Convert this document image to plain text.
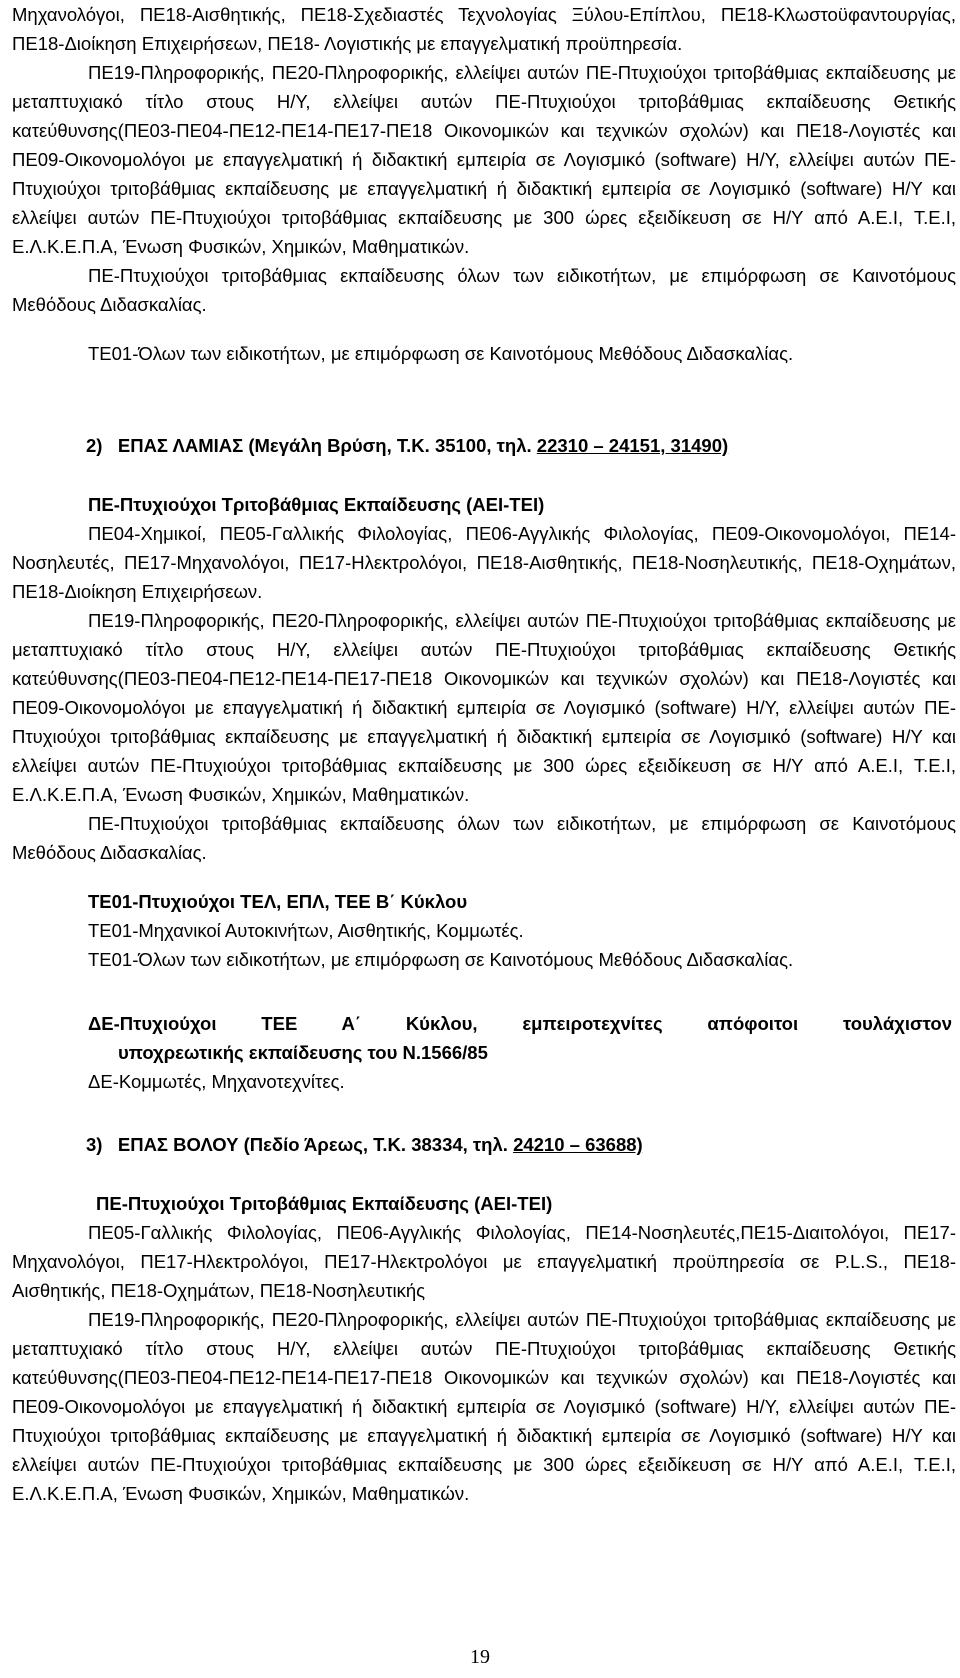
Μηχανολόγοι, ΠΕ18-Αισθητικής, ΠΕ18-Σχεδιαστές Τεχνολογίας Ξύλου-Επίπλου, ΠΕ18-Κλωστοϋφαντουργίας, ΠΕ18-Διοίκηση Επιχειρήσεων, ΠΕ18- Λογιστικής με επαγγελματική προϋπηρεσία.

ΠΕ19-Πληροφορικής, ΠΕ20-Πληροφορικής, ελλείψει αυτών ΠΕ-Πτυχιούχοι τριτοβάθμιας εκπαίδευσης με μεταπτυχιακό τίτλο στους Η/Υ, ελλείψει αυτών ΠΕ-Πτυχιούχοι τριτοβάθμιας εκπαίδευσης Θετικής κατεύθυνσης(ΠΕ03-ΠΕ04-ΠΕ12-ΠΕ14-ΠΕ17-ΠΕ18 Οικονομικών και τεχνικών σχολών) και ΠΕ18-Λογιστές και ΠΕ09-Οικονομολόγοι με επαγγελματική ή διδακτική εμπειρία σε Λογισμικό (software) Η/Υ, ελλείψει αυτών ΠΕ-Πτυχιούχοι τριτοβάθμιας εκπαίδευσης με επαγγελματική ή διδακτική εμπειρία σε Λογισμικό (software) Η/Υ και ελλείψει αυτών ΠΕ-Πτυχιούχοι τριτοβάθμιας εκπαίδευσης με 300 ώρες εξειδίκευση σε Η/Υ από Α.Ε.Ι, Τ.Ε.Ι, Ε.Λ.Κ.Ε.Π.Α, Ένωση Φυσικών, Χημικών, Μαθηματικών.

ΠΕ-Πτυχιούχοι τριτοβάθμιας εκπαίδευσης όλων των ειδικοτήτων, με επιμόρφωση σε Καινοτόμους Μεθόδους Διδασκαλίας.

ΤΕ01-Όλων των ειδικοτήτων, με επιμόρφωση σε Καινοτόμους Μεθόδους Διδασκαλίας.

2) ΕΠΑΣ ΛΑΜΙΑΣ (Μεγάλη Βρύση, Τ.Κ. 35100, τηλ. 22310 – 24151, 31490)

ΠΕ-Πτυχιούχοι Τριτοβάθμιας Εκπαίδευσης (ΑΕΙ-ΤΕΙ)

ΠΕ04-Χημικοί, ΠΕ05-Γαλλικής Φιλολογίας, ΠΕ06-Αγγλικής Φιλολογίας, ΠΕ09-Οικονομολόγοι, ΠΕ14-Νοσηλευτές, ΠΕ17-Μηχανολόγοι, ΠΕ17-Ηλεκτρολόγοι, ΠΕ18-Αισθητικής, ΠΕ18-Νοσηλευτικής, ΠΕ18-Οχημάτων, ΠΕ18-Διοίκηση Επιχειρήσεων.

ΠΕ19-Πληροφορικής, ΠΕ20-Πληροφορικής, ελλείψει αυτών ΠΕ-Πτυχιούχοι τριτοβάθμιας εκπαίδευσης με μεταπτυχιακό τίτλο στους Η/Υ, ελλείψει αυτών ΠΕ-Πτυχιούχοι τριτοβάθμιας εκπαίδευσης Θετικής κατεύθυνσης(ΠΕ03-ΠΕ04-ΠΕ12-ΠΕ14-ΠΕ17-ΠΕ18 Οικονομικών και τεχνικών σχολών) και ΠΕ18-Λογιστές και ΠΕ09-Οικονομολόγοι με επαγγελματική ή διδακτική εμπειρία σε Λογισμικό (software) Η/Υ, ελλείψει αυτών ΠΕ-Πτυχιούχοι τριτοβάθμιας εκπαίδευσης με επαγγελματική ή διδακτική εμπειρία σε Λογισμικό (software) Η/Υ και ελλείψει αυτών ΠΕ-Πτυχιούχοι τριτοβάθμιας εκπαίδευσης με 300 ώρες εξειδίκευση σε Η/Υ από Α.Ε.Ι, Τ.Ε.Ι, Ε.Λ.Κ.Ε.Π.Α, Ένωση Φυσικών, Χημικών, Μαθηματικών.

ΠΕ-Πτυχιούχοι τριτοβάθμιας εκπαίδευσης όλων των ειδικοτήτων, με επιμόρφωση σε Καινοτόμους Μεθόδους Διδασκαλίας.

ΤΕ01-Πτυχιούχοι ΤΕΛ, ΕΠΛ, ΤΕΕ Β΄ Κύκλου

ΤΕ01-Μηχανικοί Αυτοκινήτων, Αισθητικής, Κομμωτές.

ΤΕ01-Όλων των ειδικοτήτων, με επιμόρφωση σε Καινοτόμους Μεθόδους Διδασκαλίας.

ΔΕ-Πτυχιούχοι ΤΕΕ Α΄ Κύκλου, εμπειροτεχνίτες απόφοιτοι τουλάχιστον

υποχρεωτικής εκπαίδευσης του Ν.1566/85

ΔΕ-Κομμωτές, Μηχανοτεχνίτες.

3) ΕΠΑΣ ΒΟΛΟΥ (Πεδίο Άρεως, Τ.Κ. 38334, τηλ. 24210 – 63688)

ΠΕ-Πτυχιούχοι Τριτοβάθμιας Εκπαίδευσης (ΑΕΙ-ΤΕΙ)

ΠΕ05-Γαλλικής Φιλολογίας, ΠΕ06-Αγγλικής Φιλολογίας, ΠΕ14-Νοσηλευτές,ΠΕ15-Διαιτολόγοι, ΠΕ17-Μηχανολόγοι, ΠΕ17-Ηλεκτρολόγοι, ΠΕ17-Ηλεκτρολόγοι με επαγγελματική προϋπηρεσία σε P.L.S., ΠΕ18-Αισθητικής, ΠΕ18-Οχημάτων, ΠΕ18-Νοσηλευτικής

ΠΕ19-Πληροφορικής, ΠΕ20-Πληροφορικής, ελλείψει αυτών ΠΕ-Πτυχιούχοι τριτοβάθμιας εκπαίδευσης με μεταπτυχιακό τίτλο στους Η/Υ, ελλείψει αυτών ΠΕ-Πτυχιούχοι τριτοβάθμιας εκπαίδευσης Θετικής κατεύθυνσης(ΠΕ03-ΠΕ04-ΠΕ12-ΠΕ14-ΠΕ17-ΠΕ18 Οικονομικών και τεχνικών σχολών) και ΠΕ18-Λογιστές και ΠΕ09-Οικονομολόγοι με επαγγελματική ή διδακτική εμπειρία σε Λογισμικό (software) Η/Υ, ελλείψει αυτών ΠΕ-Πτυχιούχοι τριτοβάθμιας εκπαίδευσης με επαγγελματική ή διδακτική εμπειρία σε Λογισμικό (software) Η/Υ και ελλείψει αυτών ΠΕ-Πτυχιούχοι τριτοβάθμιας εκπαίδευσης με 300 ώρες εξειδίκευση σε Η/Υ από Α.Ε.Ι, Τ.Ε.Ι, Ε.Λ.Κ.Ε.Π.Α, Ένωση Φυσικών, Χημικών, Μαθηματικών.

19
